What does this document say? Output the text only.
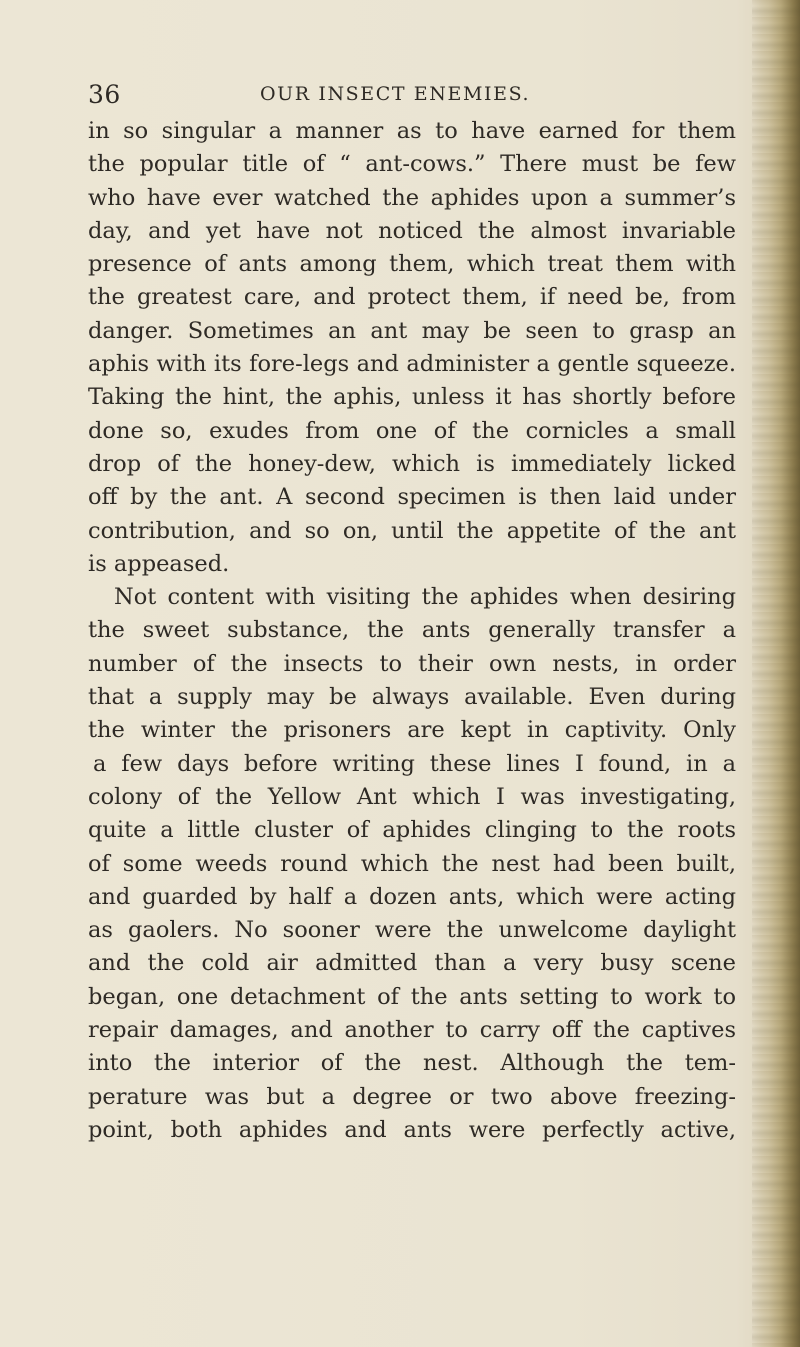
36	OUR INSECT ENEMIES.
in so singular a manner as to have earned for them
the popular title of “ ant-cows.” There must be few
who have ever watched the aphides upon a summer’s
day, and yet have not noticed the almost invariable
presence of ants among them, which treat them with
the greatest care, and protect them, if need be, from
danger. Sometimes an ant may be seen to grasp an
aphis with its fore-legs and administer a gentle squeeze.
Taking the hint, the aphis, unless it has shortly before
done so, exudes from one of the cornicles a small
drop of the honey-dew, which is immediately licked
off by the ant. A second specimen is then laid under
contribution, and so on, until the appetite of the ant
is appeased.
Not content with visiting the aphides when desiring
the sweet substance, the ants generally transfer a
number of the insects to their own nests, in order
that a supply may be always available. Even during
the winter the prisoners are kept in captivity. Only
a few days before writing these lines I found, in a
colony of the Yellow Ant which I was investigating,
quite a little cluster of aphides clinging to the roots
of some weeds round which the nest had been built,
and guarded by half a dozen ants, which were acting
as gaolers. No sooner were the unwelcome daylight
and the cold air admitted than a very busy scene
began, one detachment of the ants setting to work to
repair damages, and another to carry off the captives
into the interior of the nest. Although the tem-
perature was but a degree or two above freezing-
point, both aphides and ants were perfectly active,
